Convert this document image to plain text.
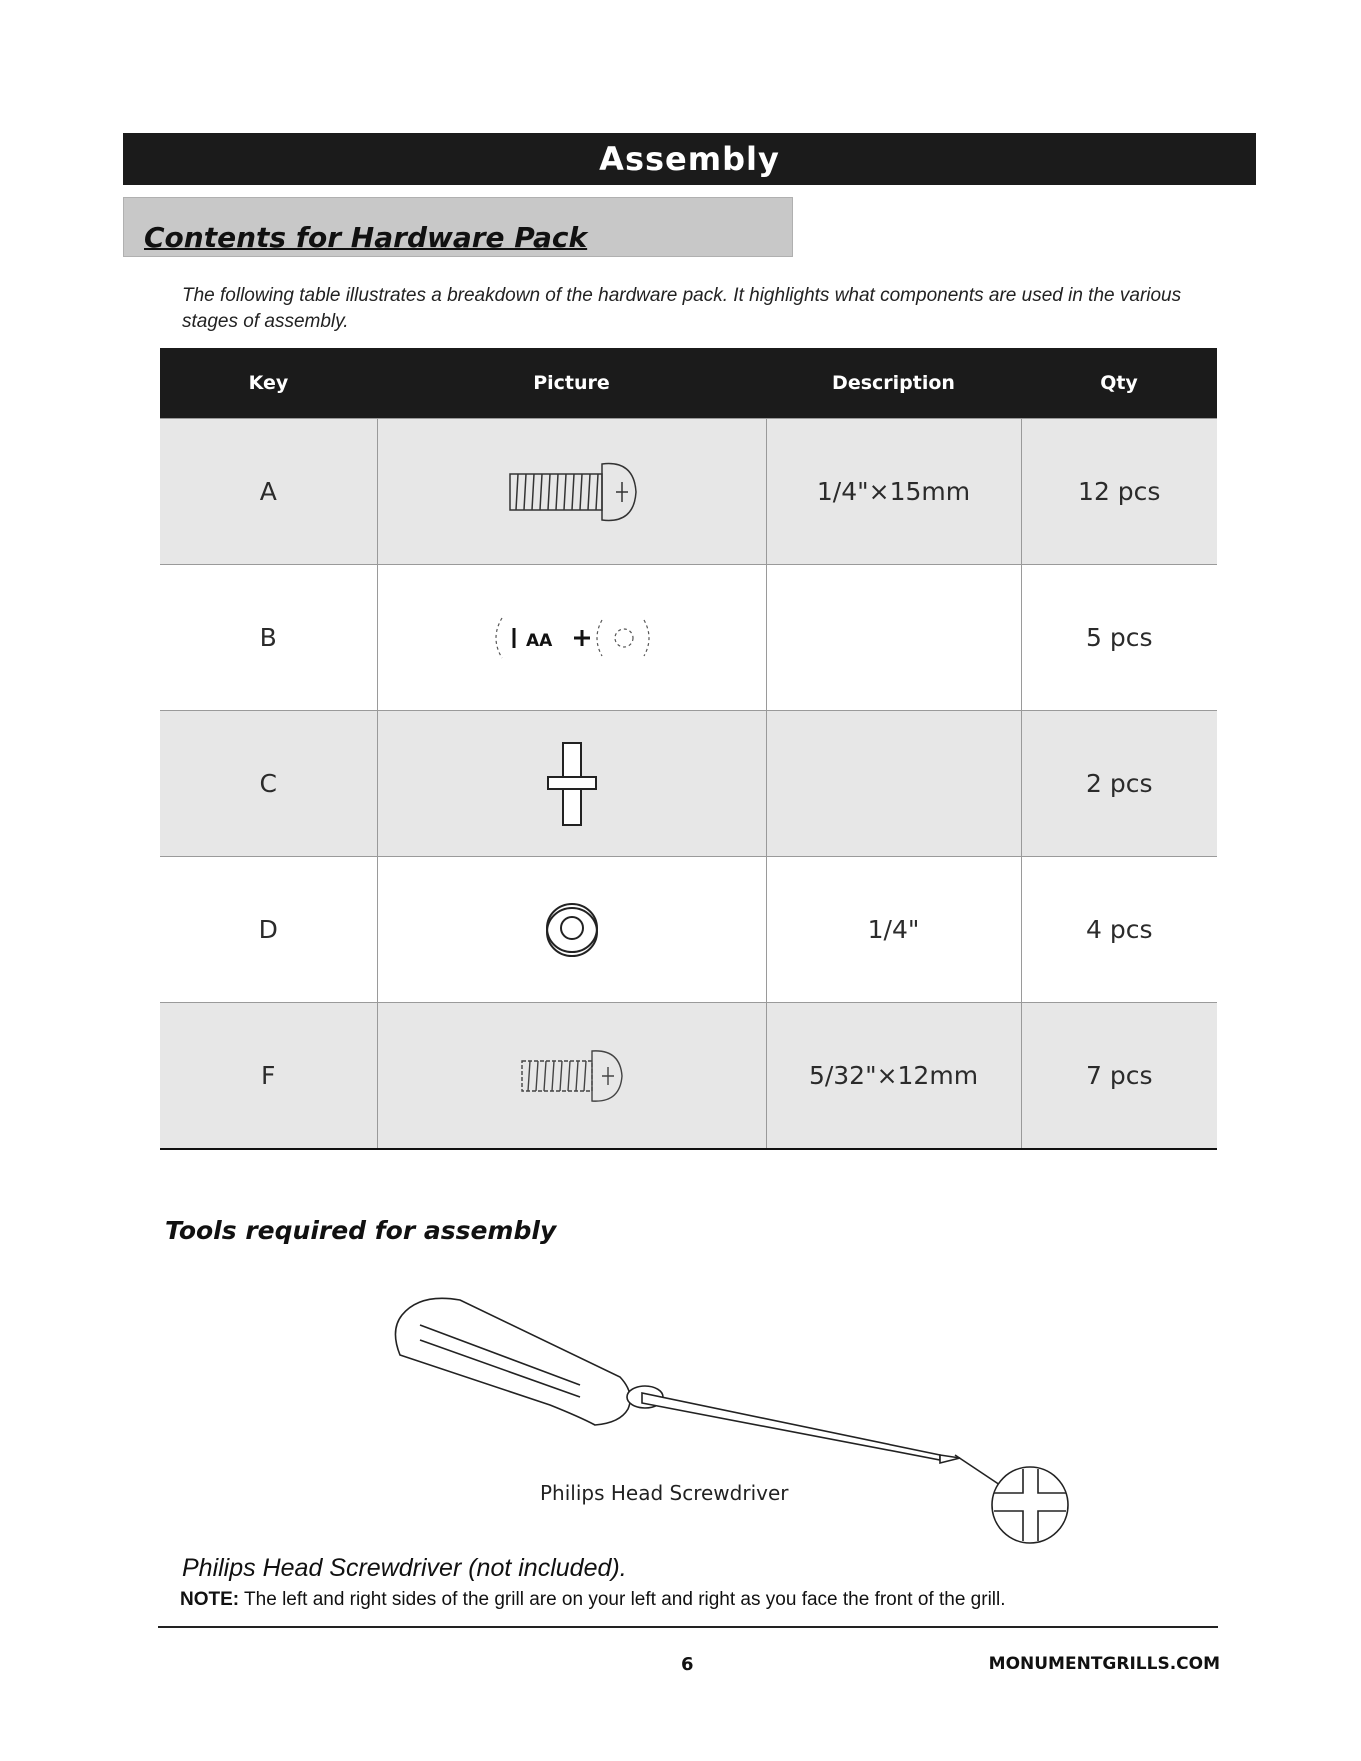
Assembly
Contents for Hardware Pack

The following table illustrates a breakdown of the hardware pack. It highlights what components are used in the various stages of assembly.

Key	Picture	Description	Qty
A		1/4"×15mm	12 pcs
B	AA		5 pcs
C			2 pcs
D		1/4"	4 pcs
F		5/32"×12mm	7 pcs
Tools required for assembly
Philips Head Screwdriver
Philips Head Screwdriver (not included).
NOTE: The left and right sides of the grill are on your left and right as you face the front of the grill.
6	MONUMENTGRILLS.COM
